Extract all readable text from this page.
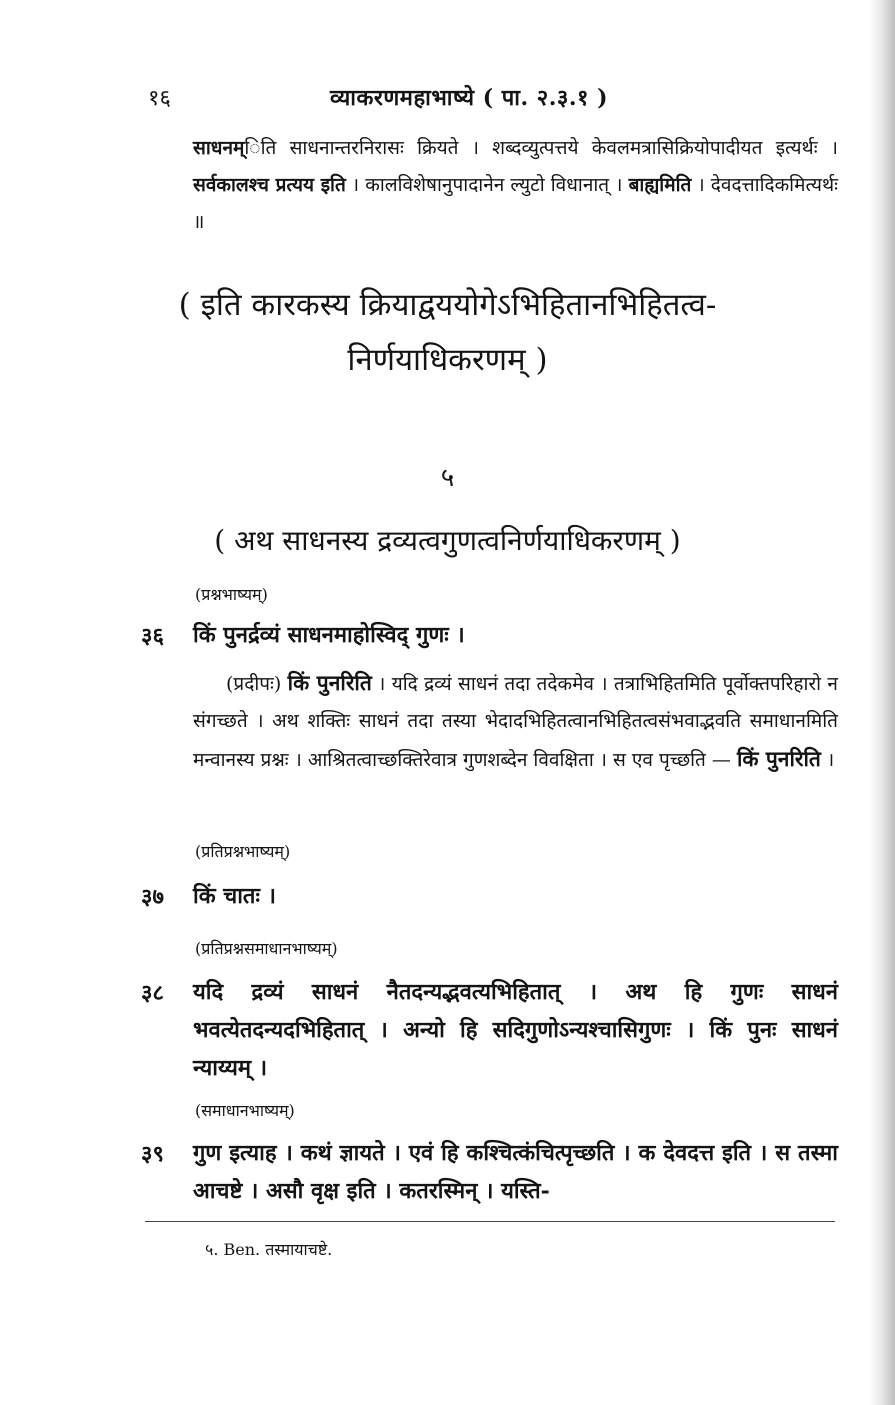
१६	व्याकरणमहाभाष्ये ( पा. २.३.१ )
साधनम्िति साधनान्तरनिरासः क्रियते । शब्दव्युत्पत्तये केवलमत्रासिक्रियोपादीयत इत्यर्थः । सर्वकालश्च प्रत्यय इति । कालविशेषानुपादानेन ल्युटो विधानात् । बाह्यमिति । देवदत्तादिकमित्यर्थः ॥
( इति कारकस्य क्रियाद्वययोगेऽभिहितानभिहितत्व-
निर्णयाधिकरणम् )
५
( अथ साधनस्य द्रव्यत्वगुणत्वनिर्णयाधिकरणम् )
(प्रश्नभाष्यम्)
३६ किं पुनर्द्रव्यं साधनमाहोस्विद् गुणः ।
(प्रदीपः) किं पुनरिति । यदि द्रव्यं साधनं तदा तदेकमेव । तत्राभिहितमिति पूर्वोक्तपरिहारो न संगच्छते । अथ शक्तिः साधनं तदा तस्या भेदादभिहितत्वानभिहितत्वसंभवाद्भवति समाधानमिति मन्वानस्य प्रश्नः । आश्रितत्वाच्छक्तिरेवात्र गुणशब्देन विवक्षिता । स एव पृच्छति — किं पुनरिति ।
(प्रतिप्रश्नभाष्यम्)
३७ किं चातः ।
(प्रतिप्रश्नसमाधानभाष्यम्)
३८ यदि द्रव्यं साधनं नैतदन्यद्भवत्यभिहितात् । अथ हि गुणः साधनं भवत्येतदन्यदभिहितात् । अन्यो हि सदिगुणोऽन्यश्चासिगुणः । किं पुनः साधनं न्याय्यम् ।
(समाधानभाष्यम्)
३९ गुण इत्याह । कथं ज्ञायते । एवं हि कश्चित्कंचित्पृच्छति । क देवदत्त इति । स तस्मा आचष्टे । असौ वृक्ष इति । कतरस्मिन् । यस्ति-
५. Ben. तस्मायाचष्टे.
